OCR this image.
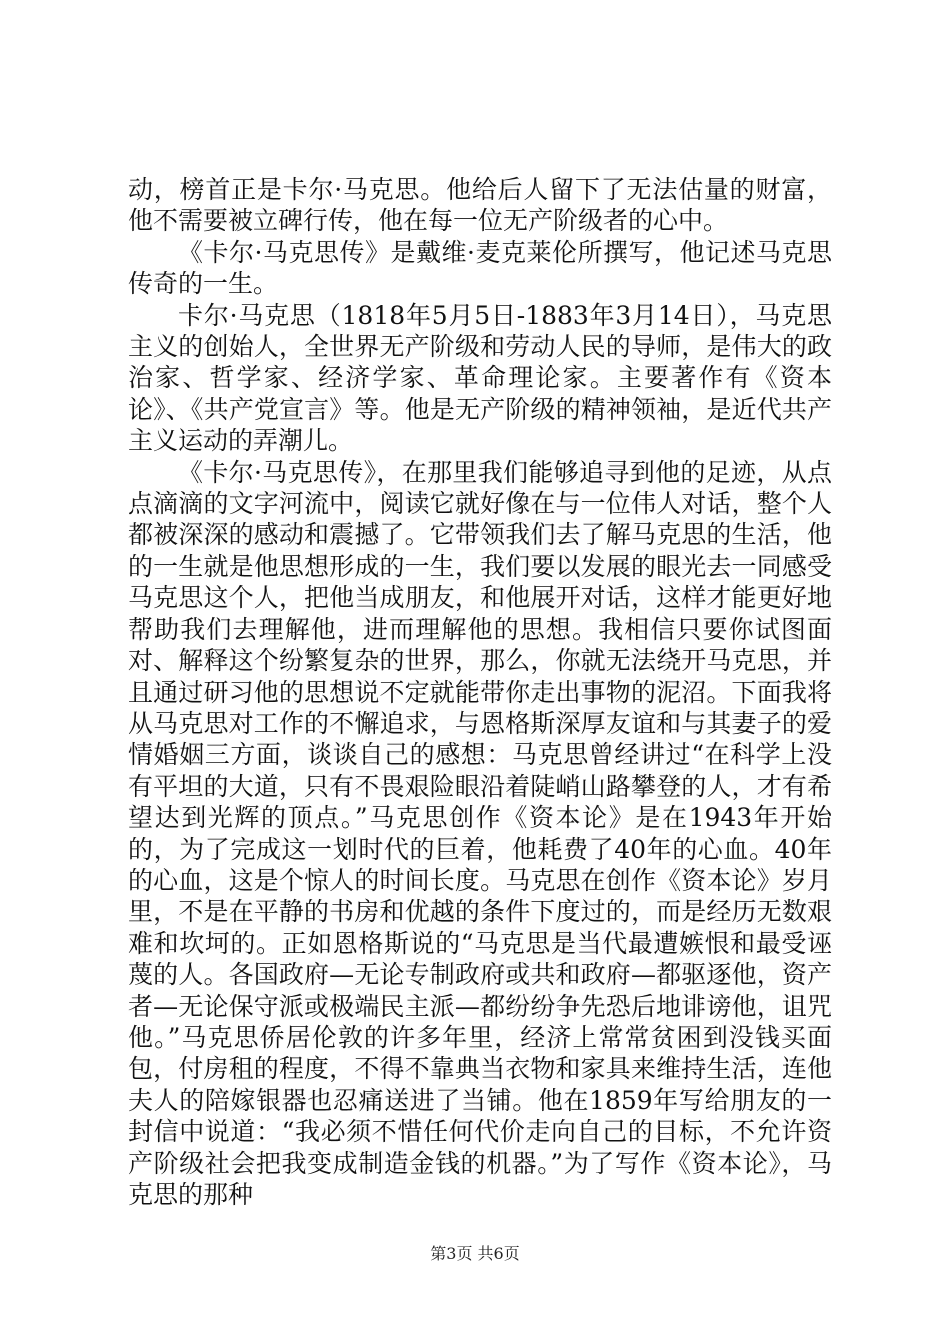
动，榜首正是卡尔·马克思。他给后人留下了无法估量的财富，他不需要被立碑行传，他在每一位无产阶级者的心中。

《卡尔·马克思传》是戴维·麦克莱伦所撰写，他记述马克思传奇的一生。

卡尔·马克思（1818年5月5日-1883年3月14日），马克思主义的创始人，全世界无产阶级和劳动人民的导师，是伟大的政治家、哲学家、经济学家、革命理论家。主要著作有《资本论》、《共产党宣言》等。他是无产阶级的精神领袖，是近代共产主义运动的弄潮儿。

《卡尔·马克思传》，在那里我们能够追寻到他的足迹，从点点滴滴的文字河流中，阅读它就好像在与一位伟人对话，整个人都被深深的感动和震撼了。它带领我们去了解马克思的生活，他的一生就是他思想形成的一生，我们要以发展的眼光去一同感受马克思这个人，把他当成朋友，和他展开对话，这样才能更好地帮助我们去理解他，进而理解他的思想。我相信只要你试图面对、解释这个纷繁复杂的世界，那么，你就无法绕开马克思，并且通过研习他的思想说不定就能带你走出事物的泥沼。下面我将从马克思对工作的不懈追求，与恩格斯深厚友谊和与其妻子的爱情婚姻三方面，谈谈自己的感想：马克思曾经讲过“在科学上没有平坦的大道，只有不畏艰险眼沿着陡峭山路攀登的人，才有希望达到光辉的顶点。”马克思创作《资本论》是在1943年开始的，为了完成这一划时代的巨着，他耗费了40年的心血。40年的心血，这是个惊人的时间长度。马克思在创作《资本论》岁月里，不是在平静的书房和优越的条件下度过的，而是经历无数艰难和坎坷的。正如恩格斯说的“马克思是当代最遭嫉恨和最受诬蔑的人。各国政府—无论专制政府或共和政府—都驱逐他，资产者—无论保守派或极端民主派—都纷纷争先恐后地诽谤他，诅咒他。”马克思侨居伦敦的许多年里，经济上常常贫困到没钱买面包，付房租的程度，不得不靠典当衣物和家具来维持生活，连他夫人的陪嫁银器也忍痛送进了当铺。他在1859年写给朋友的一封信中说道：“我必须不惜任何代价走向自己的目标，不允许资产阶级社会把我变成制造金钱的机器。”为了写作《资本论》，马克思的那种

第3页 共6页
